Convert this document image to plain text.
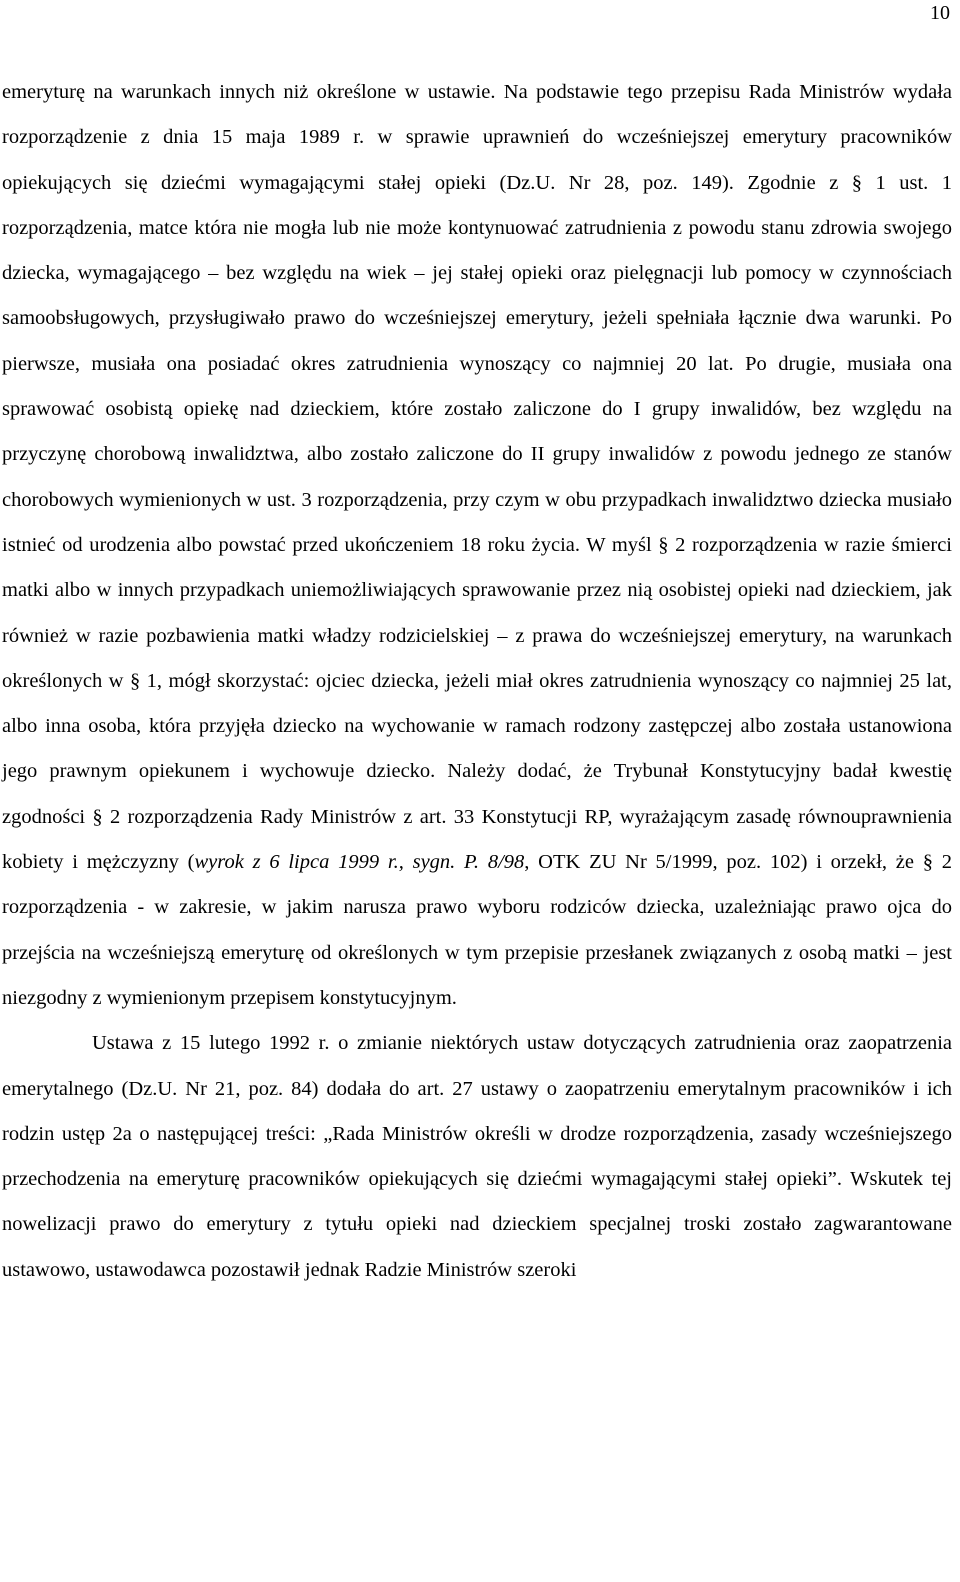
10

emeryturę na warunkach innych niż określone w ustawie. Na podstawie tego przepisu Rada Ministrów wydała rozporządzenie z dnia 15 maja 1989 r. w sprawie uprawnień do wcześniejszej emerytury pracowników opiekujących się dziećmi wymagającymi stałej opieki (Dz.U. Nr 28, poz. 149). Zgodnie z § 1 ust. 1 rozporządzenia, matce która nie mogła lub nie może kontynuować zatrudnienia z powodu stanu zdrowia swojego dziecka, wymagającego – bez względu na wiek – jej stałej opieki oraz pielęgnacji lub pomocy w czynnościach samoobsługowych, przysługiwało prawo do wcześniejszej emerytury, jeżeli spełniała łącznie dwa warunki. Po pierwsze, musiała ona posiadać okres zatrudnienia wynoszący co najmniej 20 lat. Po drugie, musiała ona sprawować osobistą opiekę nad dzieckiem, które zostało zaliczone do I grupy inwalidów, bez względu na przyczynę chorobową inwalidztwa, albo zostało zaliczone do II grupy inwalidów z powodu jednego ze stanów chorobowych wymienionych w ust. 3 rozporządzenia, przy czym w obu przypadkach inwalidztwo dziecka musiało istnieć od urodzenia albo powstać przed ukończeniem 18 roku życia. W myśl § 2 rozporządzenia w razie śmierci matki albo w innych przypadkach uniemożliwiających sprawowanie przez nią osobistej opieki nad dzieckiem, jak również w razie pozbawienia matki władzy rodzicielskiej – z prawa do wcześniejszej emerytury, na warunkach określonych w § 1, mógł skorzystać: ojciec dziecka, jeżeli miał okres zatrudnienia wynoszący co najmniej 25 lat, albo inna osoba, która przyjęła dziecko na wychowanie w ramach rodzony zastępczej albo została ustanowiona jego prawnym opiekunem i wychowuje dziecko. Należy dodać, że Trybunał Konstytucyjny badał kwestię zgodności § 2 rozporządzenia Rady Ministrów z art. 33 Konstytucji RP, wyrażającym zasadę równouprawnienia kobiety i mężczyzny (wyrok z 6 lipca 1999 r., sygn. P. 8/98, OTK ZU Nr 5/1999, poz. 102) i orzekł, że § 2 rozporządzenia - w zakresie, w jakim narusza prawo wyboru rodziców dziecka, uzależniając prawo ojca do przejścia na wcześniejszą emeryturę od określonych w tym przepisie przesłanek związanych z osobą matki – jest niezgodny z wymienionym przepisem konstytucyjnym.

Ustawa z 15 lutego 1992 r. o zmianie niektórych ustaw dotyczących zatrudnienia oraz zaopatrzenia emerytalnego (Dz.U. Nr 21, poz. 84) dodała do art. 27 ustawy o zaopatrzeniu emerytalnym pracowników i ich rodzin ustęp 2a o następującej treści: „Rada Ministrów określi w drodze rozporządzenia, zasady wcześniejszego przechodzenia na emeryturę pracowników opiekujących się dziećmi wymagającymi stałej opieki”. Wskutek tej nowelizacji prawo do emerytury z tytułu opieki nad dzieckiem specjalnej troski zostało zagwarantowane ustawowo, ustawodawca pozostawił jednak Radzie Ministrów szeroki
